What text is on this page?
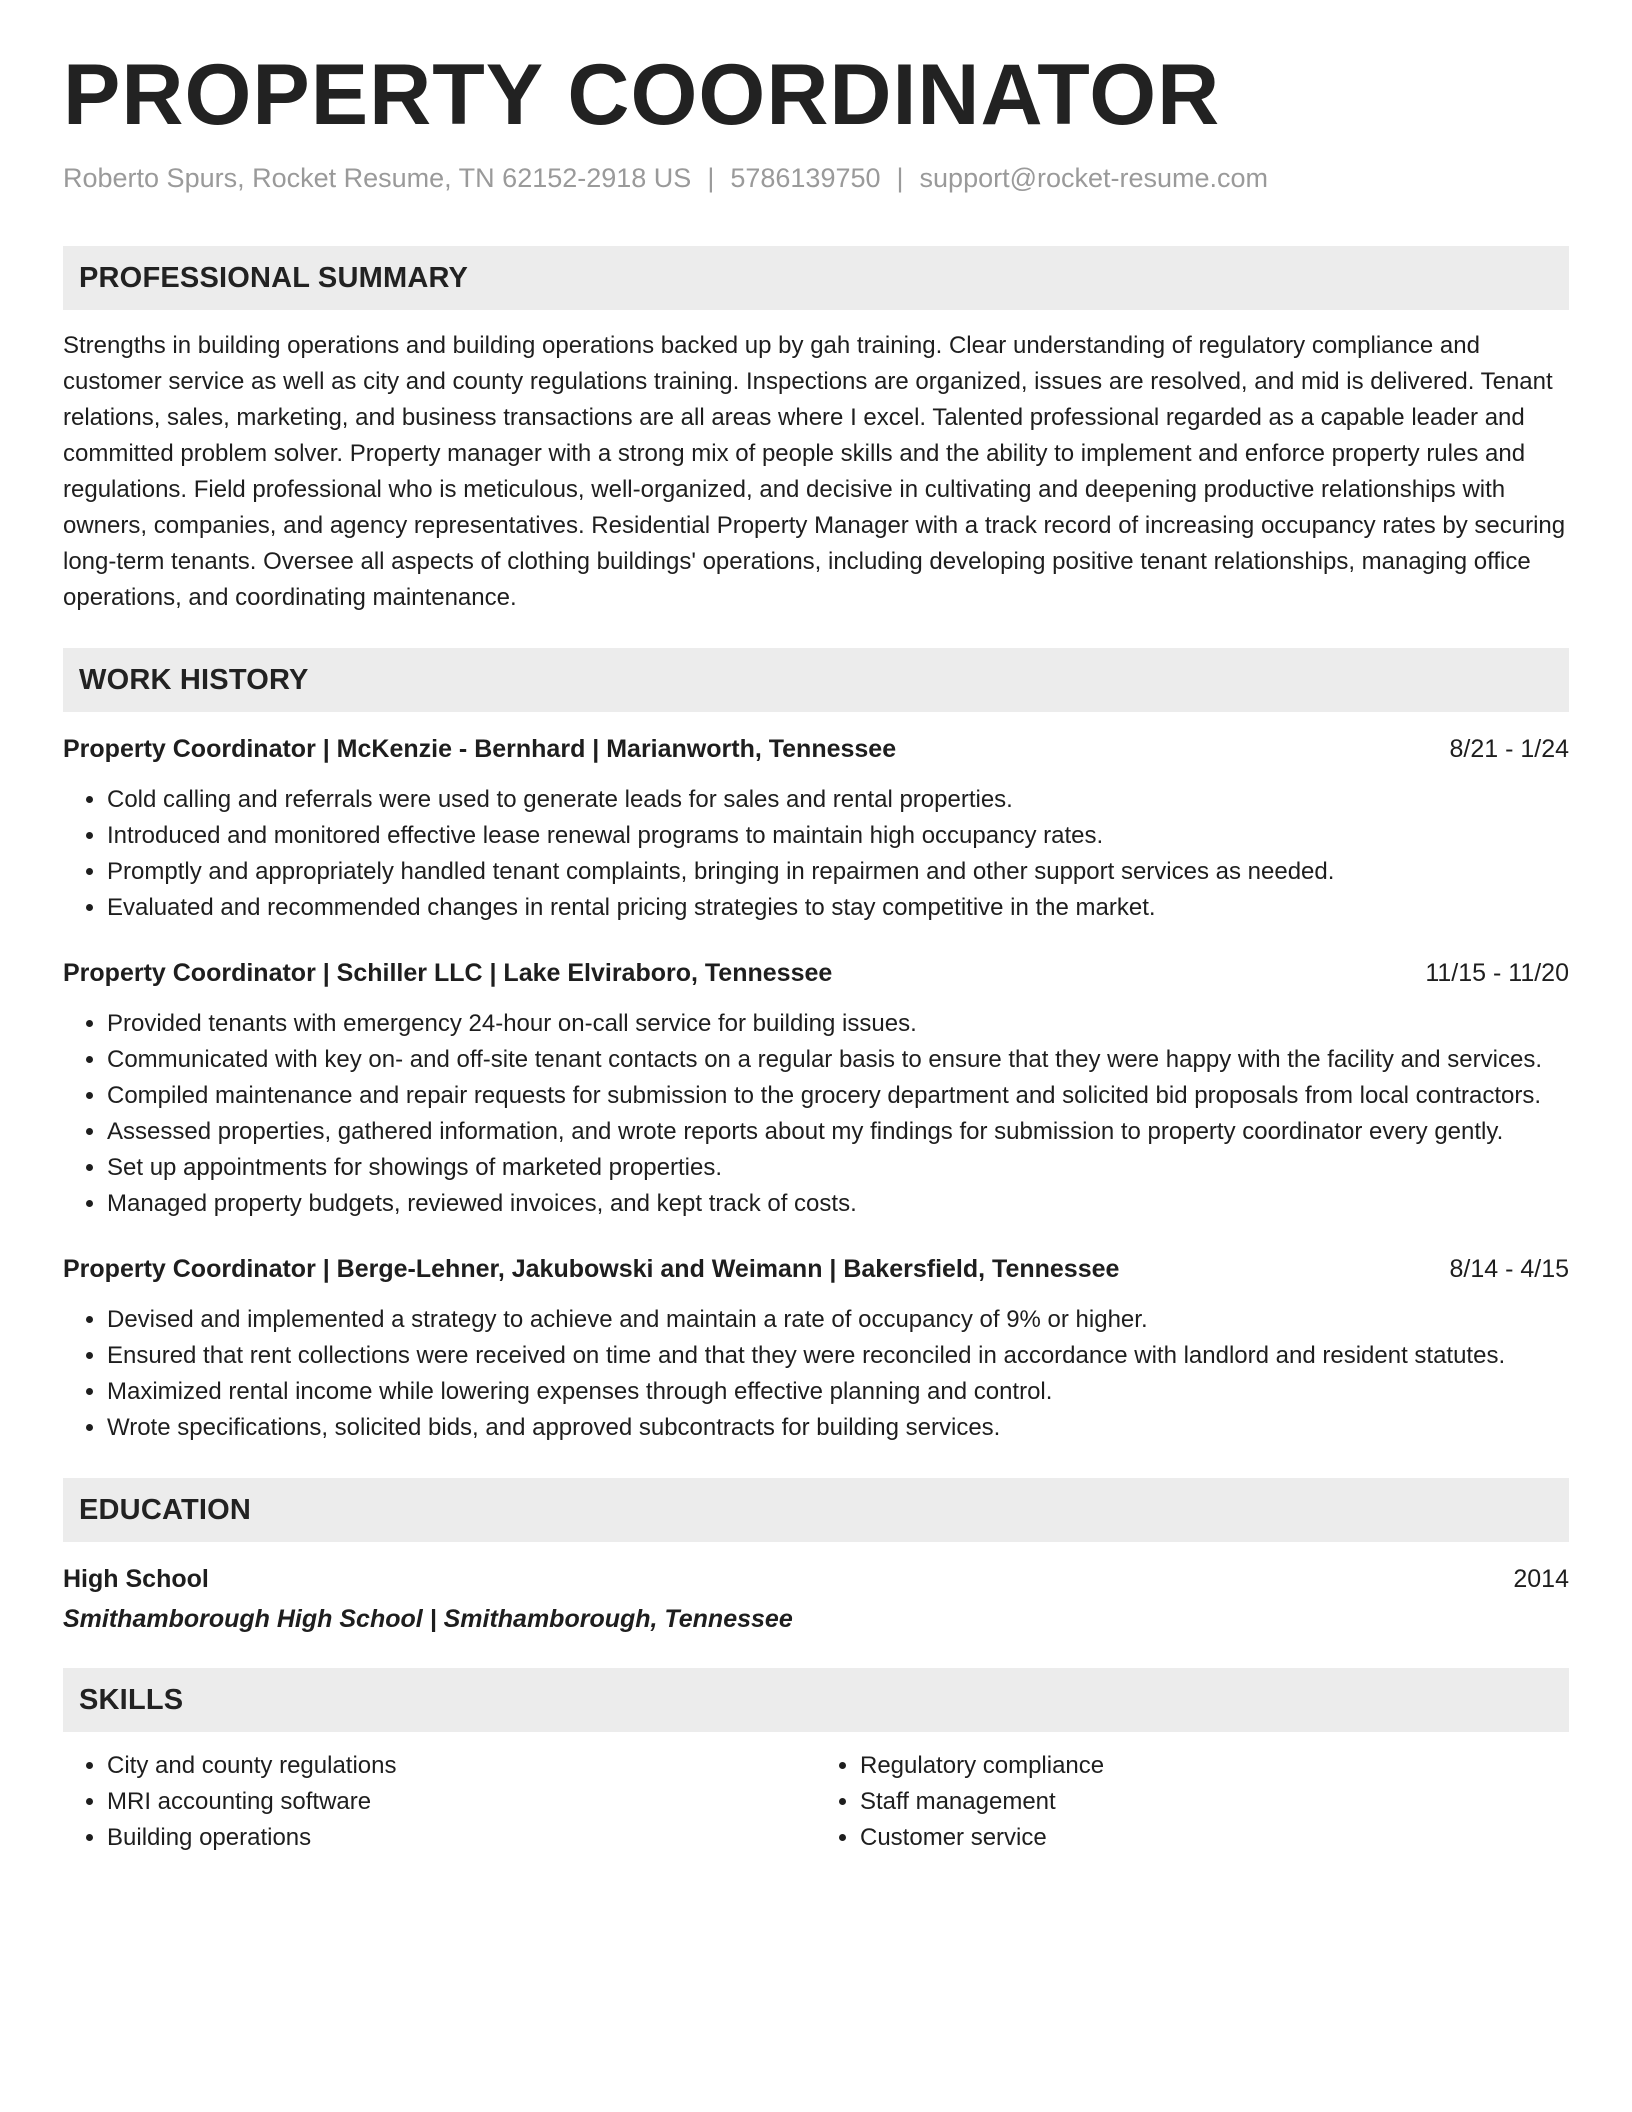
PROPERTY COORDINATOR
Roberto Spurs, Rocket Resume, TN 62152-2918 US | 5786139750 | support@rocket-resume.com
PROFESSIONAL SUMMARY

Strengths in building operations and building operations backed up by gah training. Clear understanding of regulatory compliance and customer service as well as city and county regulations training. Inspections are organized, issues are resolved, and mid is delivered. Tenant relations, sales, marketing, and business transactions are all areas where I excel. Talented professional regarded as a capable leader and committed problem solver. Property manager with a strong mix of people skills and the ability to implement and enforce property rules and regulations. Field professional who is meticulous, well-organized, and decisive in cultivating and deepening productive relationships with owners, companies, and agency representatives. Residential Property Manager with a track record of increasing occupancy rates by securing long-term tenants. Oversee all aspects of clothing buildings' operations, including developing positive tenant relationships, managing office operations, and coordinating maintenance.

WORK HISTORY
Property Coordinator | McKenzie - Bernhard | Marianworth, Tennessee	8/21 - 1/24
• Cold calling and referrals were used to generate leads for sales and rental properties.
• Introduced and monitored effective lease renewal programs to maintain high occupancy rates.
• Promptly and appropriately handled tenant complaints, bringing in repairmen and other support services as needed.
• Evaluated and recommended changes in rental pricing strategies to stay competitive in the market.
Property Coordinator | Schiller LLC | Lake Elviraboro, Tennessee	11/15 - 11/20
• Provided tenants with emergency 24-hour on-call service for building issues.
• Communicated with key on- and off-site tenant contacts on a regular basis to ensure that they were happy with the facility and services.
• Compiled maintenance and repair requests for submission to the grocery department and solicited bid proposals from local contractors.
• Assessed properties, gathered information, and wrote reports about my findings for submission to property coordinator every gently.
• Set up appointments for showings of marketed properties.
• Managed property budgets, reviewed invoices, and kept track of costs.
Property Coordinator | Berge-Lehner, Jakubowski and Weimann | Bakersfield, Tennessee	8/14 - 4/15
• Devised and implemented a strategy to achieve and maintain a rate of occupancy of 9% or higher.
• Ensured that rent collections were received on time and that they were reconciled in accordance with landlord and resident statutes.
• Maximized rental income while lowering expenses through effective planning and control.
• Wrote specifications, solicited bids, and approved subcontracts for building services.
EDUCATION
High School	2014
Smithamborough High School | Smithamborough, Tennessee
SKILLS
• City and county regulations
• MRI accounting software
• Building operations
• Regulatory compliance
• Staff management
• Customer service
